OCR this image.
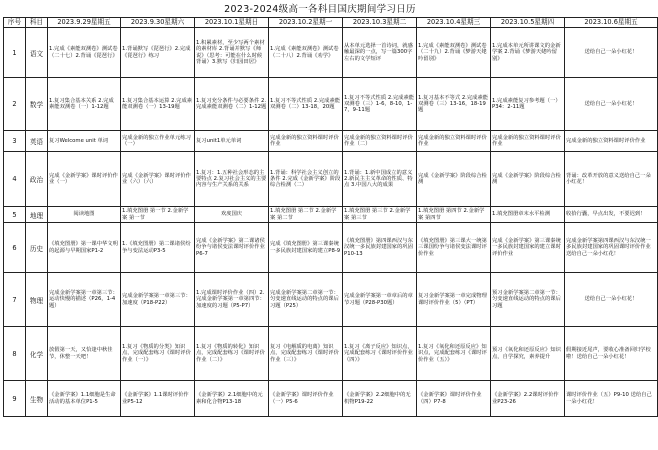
2023-2024级高一各科目国庆期间学习日历
序号	科目	2023.9.29星期五	2023.9.30星期六	2023.10.1星期日	2023.10.2星期一	2023.10.3星期二	2023.10.4星期三	2023.10.5星期四	2023.10.6星期五
1	语文	1.完成《素能双测卷》测试卷（二十七）2.背诵《琵琶行》	1.背诵默写《琵琶行》2.完成《琵琶行》练习	1.积累素材，至少写两个素材的素材库 2.背诵并默写《师说》（思考：可能在什么时候背诵）3.默写《归园田居》	1.完成《素能双测卷》测试卷（二十八）2.背诵《劝学》	从本单元选择一首诗词，就感触最深的一点，写一篇300字左右的文学短评	1.完成《素能双测卷》测试卷（二十九）2.背诵《梦游天姥吟留别》	1.完成本单元所讲课文的金新学案 2.背诵《梦游天姥吟留别》	送给自己一朵小红花！
2	数学	1.复习集合基本关系 2.完成素能双测卷（一）1-12题	1.复习集合基本运算 2.完成素能双测卷（一）13-19题	1.复习充分条件与必要条件 2.完成素能双测卷（二）1-12题	1.复习不等式性质 2.完成素能双测卷（二）13-18，20题	1.复习不等式性质 2.完成素能双测卷（三）1-6，8-10，1-7，9-11题	1.复习基本不等式 2.完成素能双测卷（三）13-16，18-19题	1.完成素能复习参考题（一）P34：2-11题	送给自己一朵小红花！
3	英语	复习Welcome unit 单词	完成金新的独立作业单元练习（一）	复习unit1单元单词	完成金新的独立资料课时评价作业	完成金新的独立资料课时评价作业（二）	完成金新的独立资料课时评价作业	完成金新的独立资料课时评价作业	完成金新的独立资料课时评价作业
4	政治	完成《金新学案》课时评价作业（一）	完成《金新学案》课时评价作业（六）（六）	1.复习：1.五种社会形态的主要特点 2.复习社会主义的主要内容与生产关系的关系	1.背诵：科学社会主义创立的条件 2.完成《金新学案》阶段综合检测（二）	1.背诵：1.新中国成立的意义 2.新民主主义革命的性质、特点 3.中国八大的成果	完成《金新学案》阶段综合检测	完成《金新学案》阶段综合检测	背诵：改革开放的意义送给自己一朵小红花！
5	地理	阅读地图	1.填充图册 第一节 2.金新学案 第一节	欢度国庆	1.填充图册 第二节 2.金新学案 第二节	1.填充图册 第三节 2.金新学案 第三节	1.填充图册 第四节 2.金新学案 第四节	1.填充图册章末水平检测	收拾行囊，早点出发，不要迟到！
6	历史	《填充图册》第一课中华文明的起源与早期国家P1-2	1.《填充图册》第二课诸侯纷争与变法运动P3-5	完成《金新学案》第二课诸侯纷争与诸侯变法课时评价作业P6-7	完成《填充图册》第三课秦统一多民族封建国家的建立P8-9	《填充图册》第四课西汉与东汉统一多民族封建国家的巩固P10-13	《填充图册》第三课大一统第三课国纷争与诸侯变法课时评价作业	完成《金新学案》第三课秦统一多民族封建国家的建立课时评价作业	完成金新学案第四课西汉与东汉统一多民族封建国家的巩固课时评价作业送给自己一朵小红花！
7	物理	完成金新学案第一章第三节：运动快慢的描述（P26，1-4题）	完成金新学案第一章第三节：加速度（P18-P22）	1.完成课时评价作业（四）2.完成金新学案第一章第四节：加速度的习题（P5-P7）	完成金新学案第二章第一节：匀变速直线运动的特点的课后习题（P25）	完成金新学案第一章章后的章节习题（P28-P30题）	复习金新学案第一章完成物理课时评价作业（5）（PT）	预习金新学案第二章第一节：匀变速直线运动的特点的课后习题	送给自己一朵小红花！
8	化学	放假第一天，又恰逢中秋佳节，休整一天吧！	1.复习《物质的分类》知识点，完成配套练习《课时评价作业（一）》	1.复习《物质的转化》知识点，完成配套练习《课时评价作业（二）》	复习《电解质的电离》知识点，完成配套练习《课时评价作业（三）》	1.复习《离子反应》知识点，完成配套练习《课时评价作业（四）》	1.复习《氧化和还原反应》知识点，完成配套练习《课时评价作业（五）》	预习《氧化和还原反应》知识点，自学探究，素养提升	假期接近尾声，要收心准备回归学校啦！送给自己一朵小红花！
9	生物	《金新学案》1.1细胞是生命活动的基本单位P1-5	《金新学案》1.1课时评价作业P5-12	《金新学案》2.1细胞中的元素和化合物P13-18	《金新学案》课时评价作业（一）P5-6	《金新学案》2.2细胞中的无机物P19-22	《金新学案》课时评价作业（四）P7-8	《金新学案》2.2课时评价作业P23-26	课时评价作业（五）P9-10 送给自己一朵小红花！
